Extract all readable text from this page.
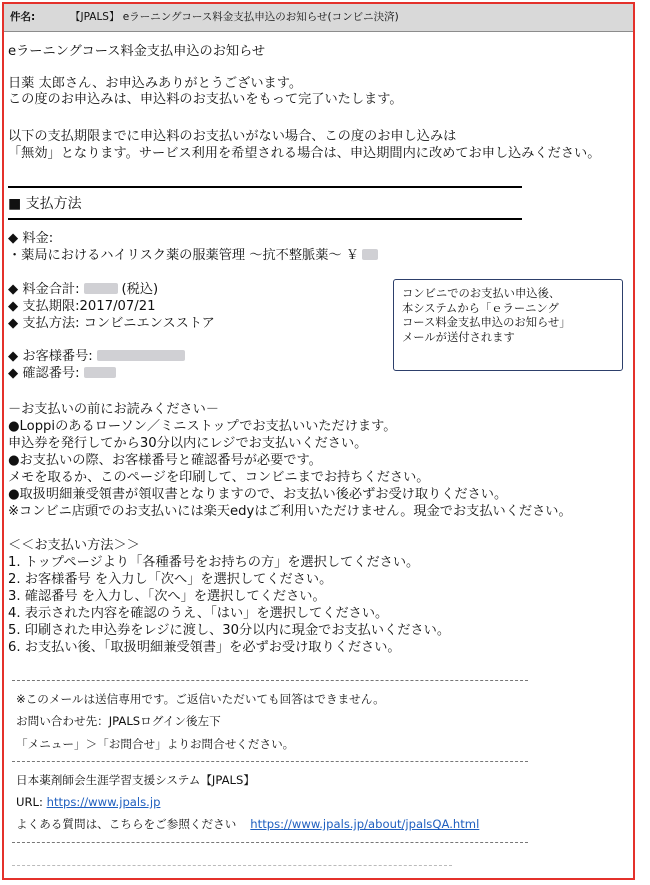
件名:	【JPALS】 eラーニングコース料金支払申込のお知らせ(コンビニ決済)
eラーニングコース料金支払申込のお知らせ
日薬 太郎さん、お申込みありがとうございます。
この度のお申込みは、申込料のお支払いをもって完了いたします。
以下の支払期限までに申込料のお支払いがない場合、この度のお申し込みは
「無効」となります。サービス利用を希望される場合は、申込期間内に改めてお申し込みください。
■ 支払方法
◆ 料金:
・薬局におけるハイリスク薬の服薬管理 ～抗不整脈薬～ ￥
◆ 料金合計:	(税込)
◆ 支払期限:2017/07/21
◆ 支払方法: コンビニエンスストア
◆ お客様番号:
◆ 確認番号:
－お支払いの前にお読みください－
●Loppiのあるローソン／ミニストップでお支払いいただけます。
申込券を発行してから30分以内にレジでお支払いください。
●お支払いの際、お客様番号と確認番号が必要です。
メモを取るか、このページを印刷して、コンビニまでお持ちください。
●取扱明細兼受領書が領収書となりますので、お支払い後必ずお受け取りください。
※コンビニ店頭でのお支払いには楽天edyはご利用いただけません。現金でお支払いください。
＜＜お支払い方法＞＞
1. トップページより「各種番号をお持ちの方」を選択してください。
2. お客様番号 を入力し「次へ」を選択してください。
3. 確認番号 を入力し、「次へ」を選択してください。
4. 表示された内容を確認のうえ、「はい」を選択してください。
5. 印刷された申込券をレジに渡し、30分以内に現金でお支払いください。
6. お支払い後、「取扱明細兼受領書」を必ずお受け取りください。
※このメールは送信専用です。ご返信いただいても回答はできません。
お問い合わせ先：JPALSログイン後左下
「メニュー」＞「お問合せ」よりお問合せください。
日本薬剤師会生涯学習支援システム【JPALS】
URL: https://www.jpals.jp
よくある質問は、こちらをご参照ください https://www.jpals.jp/about/jpalsQA.html
コンビニでのお支払い申込後、
本システムから「ｅラーニング
コース料金支払申込のお知らせ」
メールが送付されます
